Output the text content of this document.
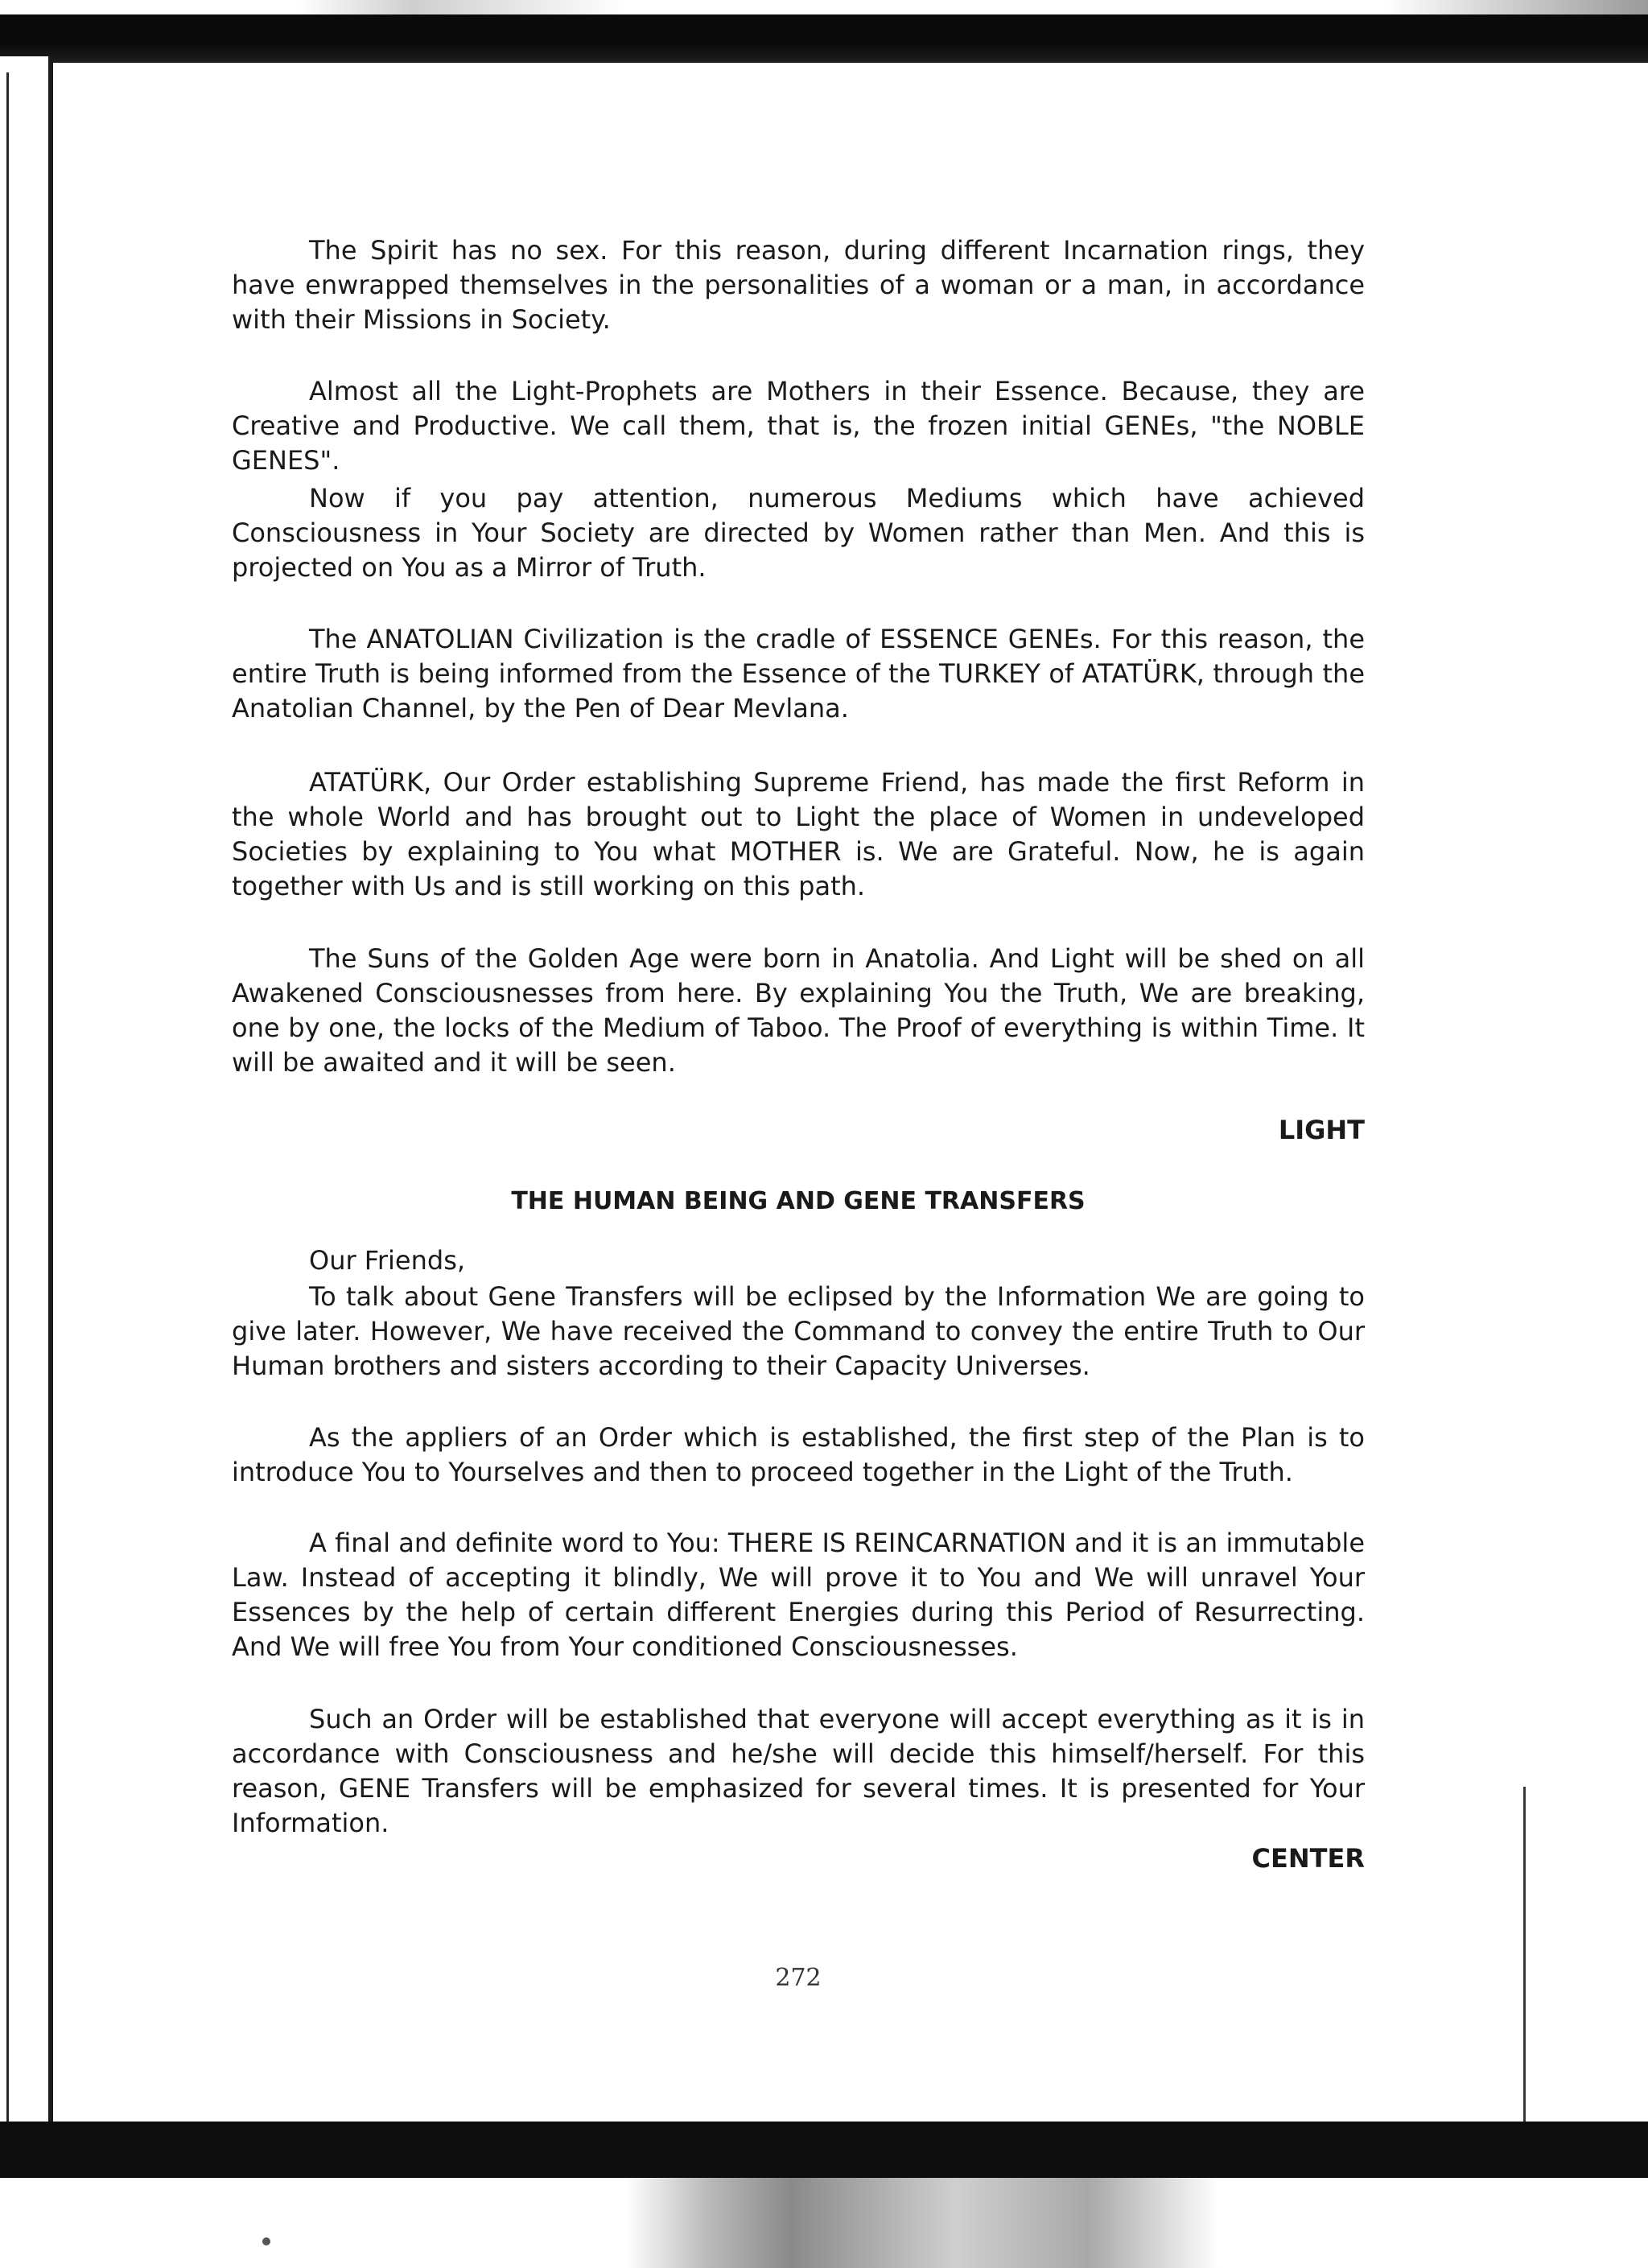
The Spirit has no sex. For this reason, during different Incarnation rings, they have enwrapped themselves in the personalities of a woman or a man, in accordance with their Missions in Society.

Almost all the Light-Prophets are Mothers in their Essence. Because, they are Creative and Productive. We call them, that is, the frozen initial GENEs, "the NOBLE GENES".

Now if you pay attention, numerous Mediums which have achieved Consciousness in Your Society are directed by Women rather than Men. And this is projected on You as a Mirror of Truth.

The ANATOLIAN Civilization is the cradle of ESSENCE GENEs. For this reason, the entire Truth is being informed from the Essence of the TURKEY of ATATÜRK, through the Anatolian Channel, by the Pen of Dear Mevlana.

ATATÜRK, Our Order establishing Supreme Friend, has made the first Reform in the whole World and has brought out to Light the place of Women in undeveloped Societies by explaining to You what MOTHER is. We are Grateful. Now, he is again together with Us and is still working on this path.

The Suns of the Golden Age were born in Anatolia. And Light will be shed on all Awakened Consciousnesses from here. By explaining You the Truth, We are breaking, one by one, the locks of the Medium of Taboo. The Proof of everything is within Time. It will be awaited and it will be seen.

LIGHT

THE HUMAN BEING AND GENE TRANSFERS

Our Friends,

To talk about Gene Transfers will be eclipsed by the Information We are going to give later. However, We have received the Command to convey the entire Truth to Our Human brothers and sisters according to their Capacity Universes.

As the appliers of an Order which is established, the first step of the Plan is to introduce You to Yourselves and then to proceed together in the Light of the Truth.

A final and definite word to You: THERE IS REINCARNATION and it is an immutable Law. Instead of accepting it blindly, We will prove it to You and We will unravel Your Essences by the help of certain different Energies during this Period of Resurrecting. And We will free You from Your conditioned Consciousnesses.

Such an Order will be established that everyone will accept everything as it is in accordance with Consciousness and he/she will decide this himself/herself. For this reason, GENE Transfers will be emphasized for several times. It is presented for Your Information.

CENTER

272
